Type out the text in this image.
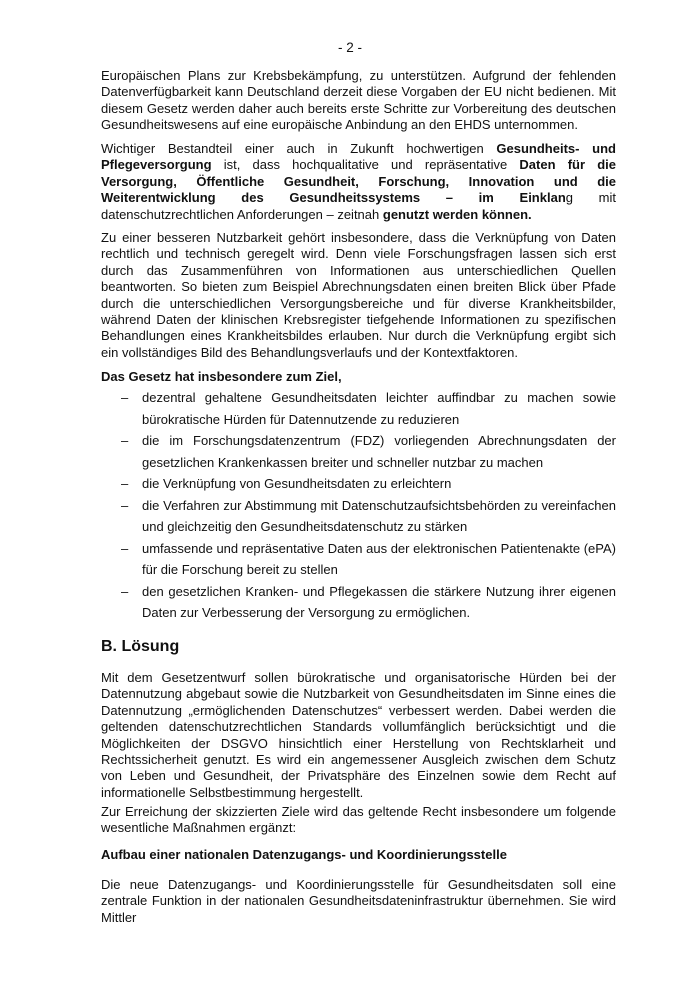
- 2 -

Europäischen Plans zur Krebsbekämpfung, zu unterstützen. Aufgrund der fehlenden Datenverfügbarkeit kann Deutschland derzeit diese Vorgaben der EU nicht bedienen. Mit diesem Gesetz werden daher auch bereits erste Schritte zur Vorbereitung des deutschen Gesundheitswesens auf eine europäische Anbindung an den EHDS unternommen.

Wichtiger Bestandteil einer auch in Zukunft hochwertigen Gesundheits- und Pflegeversorgung ist, dass hochqualitative und repräsentative Daten für die Versorgung, Öffentliche Gesundheit, Forschung, Innovation und die Weiterentwicklung des Gesundheitssystems – im Einklang mit datenschutzrechtlichen Anforderungen – zeitnah genutzt werden können.

Zu einer besseren Nutzbarkeit gehört insbesondere, dass die Verknüpfung von Daten rechtlich und technisch geregelt wird. Denn viele Forschungsfragen lassen sich erst durch das Zusammenführen von Informationen aus unterschiedlichen Quellen beantworten. So bieten zum Beispiel Abrechnungsdaten einen breiten Blick über Pfade durch die unterschiedlichen Versorgungsbereiche und für diverse Krankheitsbilder, während Daten der klinischen Krebsregister tiefgehende Informationen zu spezifischen Behandlungen eines Krankheitsbildes erlauben. Nur durch die Verknüpfung ergibt sich ein vollständiges Bild des Behandlungsverlaufs und der Kontextfaktoren.

Das Gesetz hat insbesondere zum Ziel,
– dezentral gehaltene Gesundheitsdaten leichter auffindbar zu machen sowie bürokratische Hürden für Datennutzende zu reduzieren
– die im Forschungsdatenzentrum (FDZ) vorliegenden Abrechnungsdaten der gesetzlichen Krankenkassen breiter und schneller nutzbar zu machen
– die Verknüpfung von Gesundheitsdaten zu erleichtern
– die Verfahren zur Abstimmung mit Datenschutzaufsichtsbehörden zu vereinfachen und gleichzeitig den Gesundheitsdatenschutz zu stärken
– umfassende und repräsentative Daten aus der elektronischen Patientenakte (ePA) für die Forschung bereit zu stellen
– den gesetzlichen Kranken- und Pflegekassen die stärkere Nutzung ihrer eigenen Daten zur Verbesserung der Versorgung zu ermöglichen.
B. Lösung

Mit dem Gesetzentwurf sollen bürokratische und organisatorische Hürden bei der Datennutzung abgebaut sowie die Nutzbarkeit von Gesundheitsdaten im Sinne eines die Datennutzung „ermöglichenden Datenschutzes“ verbessert werden. Dabei werden die geltenden datenschutzrechtlichen Standards vollumfänglich berücksichtigt und die Möglichkeiten der DSGVO hinsichtlich einer Herstellung von Rechtsklarheit und Rechtssicherheit genutzt. Es wird ein angemessener Ausgleich zwischen dem Schutz von Leben und Gesundheit, der Privatsphäre des Einzelnen sowie dem Recht auf informationelle Selbstbestimmung hergestellt.

Zur Erreichung der skizzierten Ziele wird das geltende Recht insbesondere um folgende wesentliche Maßnahmen ergänzt:

Aufbau einer nationalen Datenzugangs- und Koordinierungsstelle

Die neue Datenzugangs- und Koordinierungsstelle für Gesundheitsdaten soll eine zentrale Funktion in der nationalen Gesundheitsdateninfrastruktur übernehmen. Sie wird Mittler
